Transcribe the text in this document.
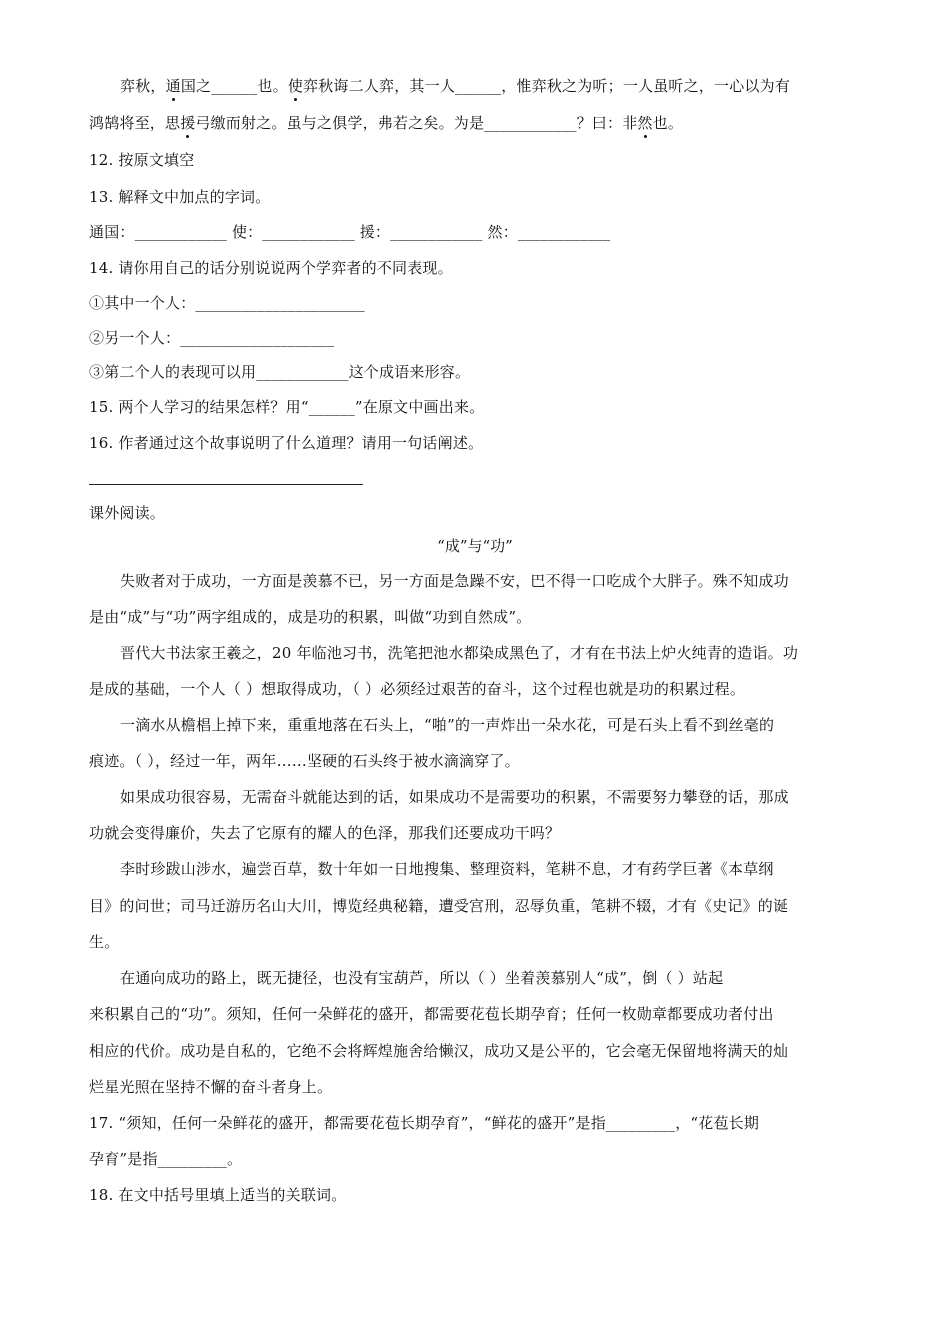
弈秋，通国之______也。使弈秋诲二人弈，其一人______，惟弈秋之为听；一人虽听之，一心以为有
鸿鹄将至，思援弓缴而射之。虽与之俱学，弗若之矣。为是____________？曰：非然也。
12. 按原文填空
13. 解释文中加点的字词。
通国：____________ 使：____________ 援：____________ 然：____________
14. 请你用自己的话分别说说两个学弈者的不同表现。
①其中一个人：______________________
②另一个人：____________________
③第二个人的表现可以用____________这个成语来形容。
15. 两个人学习的结果怎样？用“______”在原文中画出来。
16. 作者通过这个故事说明了什么道理？请用一句话阐述。
课外阅读。
“成”与“功”
失败者对于成功，一方面是羡慕不已，另一方面是急躁不安，巴不得一口吃成个大胖子。殊不知成功
是由“成”与“功”两字组成的，成是功的积累，叫做“功到自然成”。
晋代大书法家王羲之，20 年临池习书，洗笔把池水都染成黑色了，才有在书法上炉火纯青的造诣。功
是成的基础，一个人（ ）想取得成功，（ ）必须经过艰苦的奋斗，这个过程也就是功的积累过程。
一滴水从檐椙上掉下来，重重地落在石头上，“啪”的一声炸出一朵水花，可是石头上看不到丝毫的
痕迹。（ ），经过一年，两年……坚硬的石头终于被水滴滴穿了。
如果成功很容易，无需奋斗就能达到的话，如果成功不是需要功的积累，不需要努力攀登的话，那成
功就会变得廉价，失去了它原有的耀人的色泽，那我们还要成功干吗？
李时珍跋山涉水，遍尝百草，数十年如一日地搜集、整理资料，笔耕不息，才有药学巨著《本草纲
目》的问世；司马迁游历名山大川，博览经典秘籍，遭受宫刑，忍辱负重，笔耕不辍，才有《史记》的诞
生。
在通向成功的路上，既无捷径，也没有宝葫芦，所以（ ）坐着羡慕别人“成”，倒（ ）站起
来积累自己的“功”。须知，任何一朵鲜花的盛开，都需要花苞长期孕育；任何一枚勋章都要成功者付出
相应的代价。成功是自私的，它绝不会将辉煌施舍给懒汉，成功又是公平的，它会毫无保留地将满天的灿
烂星光照在坚持不懈的奋斗者身上。
17. “须知，任何一朵鲜花的盛开，都需要花苞长期孕育”，“鲜花的盛开”是指_________，“花苞长期
孕育”是指_________。
18. 在文中括号里填上适当的关联词。
